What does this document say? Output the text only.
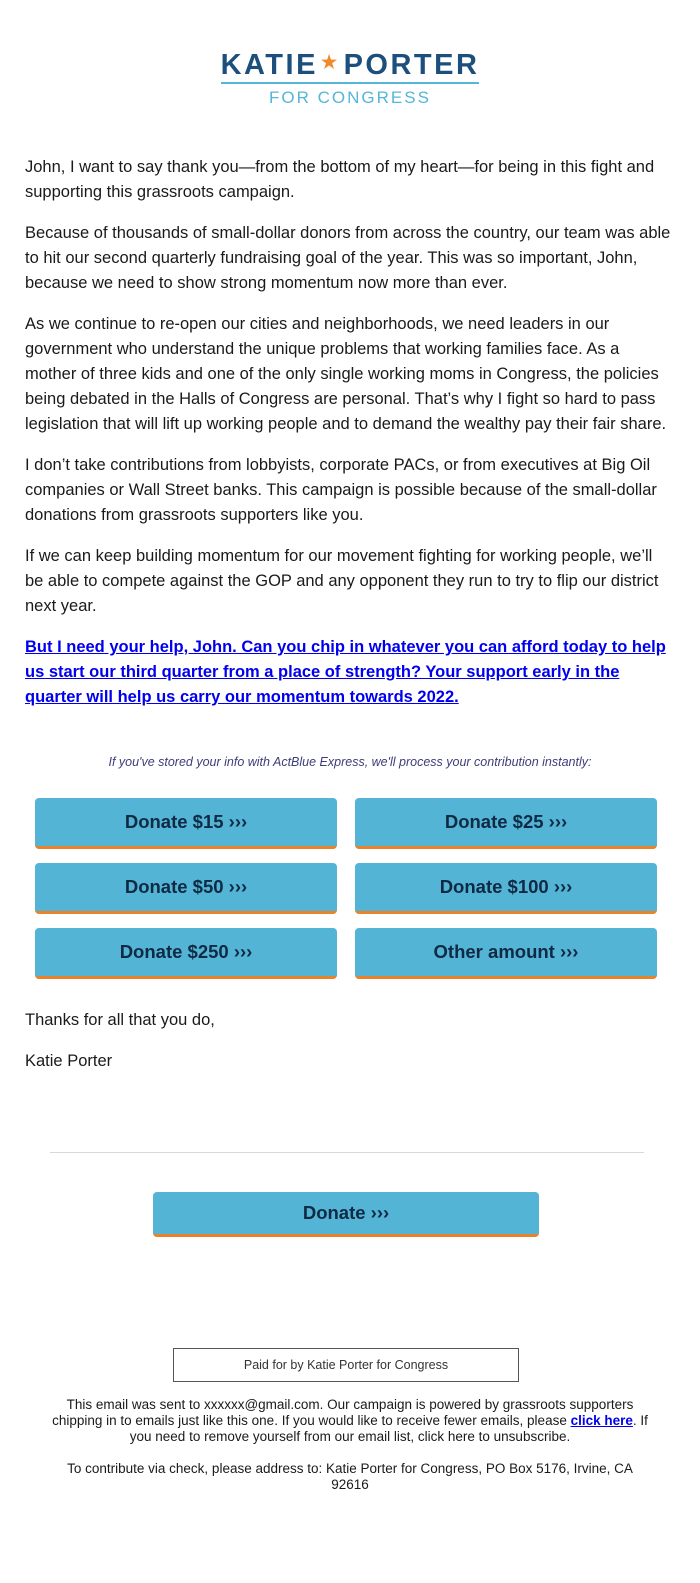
KATIE ★ PORTER
FOR CONGRESS

John, I want to say thank you—from the bottom of my heart—for being in this fight and supporting this grassroots campaign.

Because of thousands of small-dollar donors from across the country, our team was able to hit our second quarterly fundraising goal of the year. This was so important, John, because we need to show strong momentum now more than ever.

As we continue to re-open our cities and neighborhoods, we need leaders in our government who understand the unique problems that working families face. As a mother of three kids and one of the only single working moms in Congress, the policies being debated in the Halls of Congress are personal. That’s why I fight so hard to pass legislation that will lift up working people and to demand the wealthy pay their fair share.

I don’t take contributions from lobbyists, corporate PACs, or from executives at Big Oil companies or Wall Street banks. This campaign is possible because of the small-dollar donations from grassroots supporters like you.

If we can keep building momentum for our movement fighting for working people, we’ll be able to compete against the GOP and any opponent they run to try to flip our district next year.

But I need your help, John. Can you chip in whatever you can afford today to help us start our third quarter from a place of strength? Your support early in the quarter will help us carry our momentum towards 2022.

If you've stored your info with ActBlue Express, we'll process your contribution instantly:
Donate $15 ›››	Donate $25 ›››
Donate $50 ›››	Donate $100 ›››
Donate $250 ›››	Other amount ›››

Thanks for all that you do,

Katie Porter

Donate ›››
Paid for by Katie Porter for Congress

This email was sent to xxxxxx@gmail.com. Our campaign is powered by grassroots supporters chipping in to emails just like this one. If you would like to receive fewer emails, please click here. If you need to remove yourself from our email list, click here to unsubscribe.

To contribute via check, please address to: Katie Porter for Congress, PO Box 5176, Irvine, CA 92616
